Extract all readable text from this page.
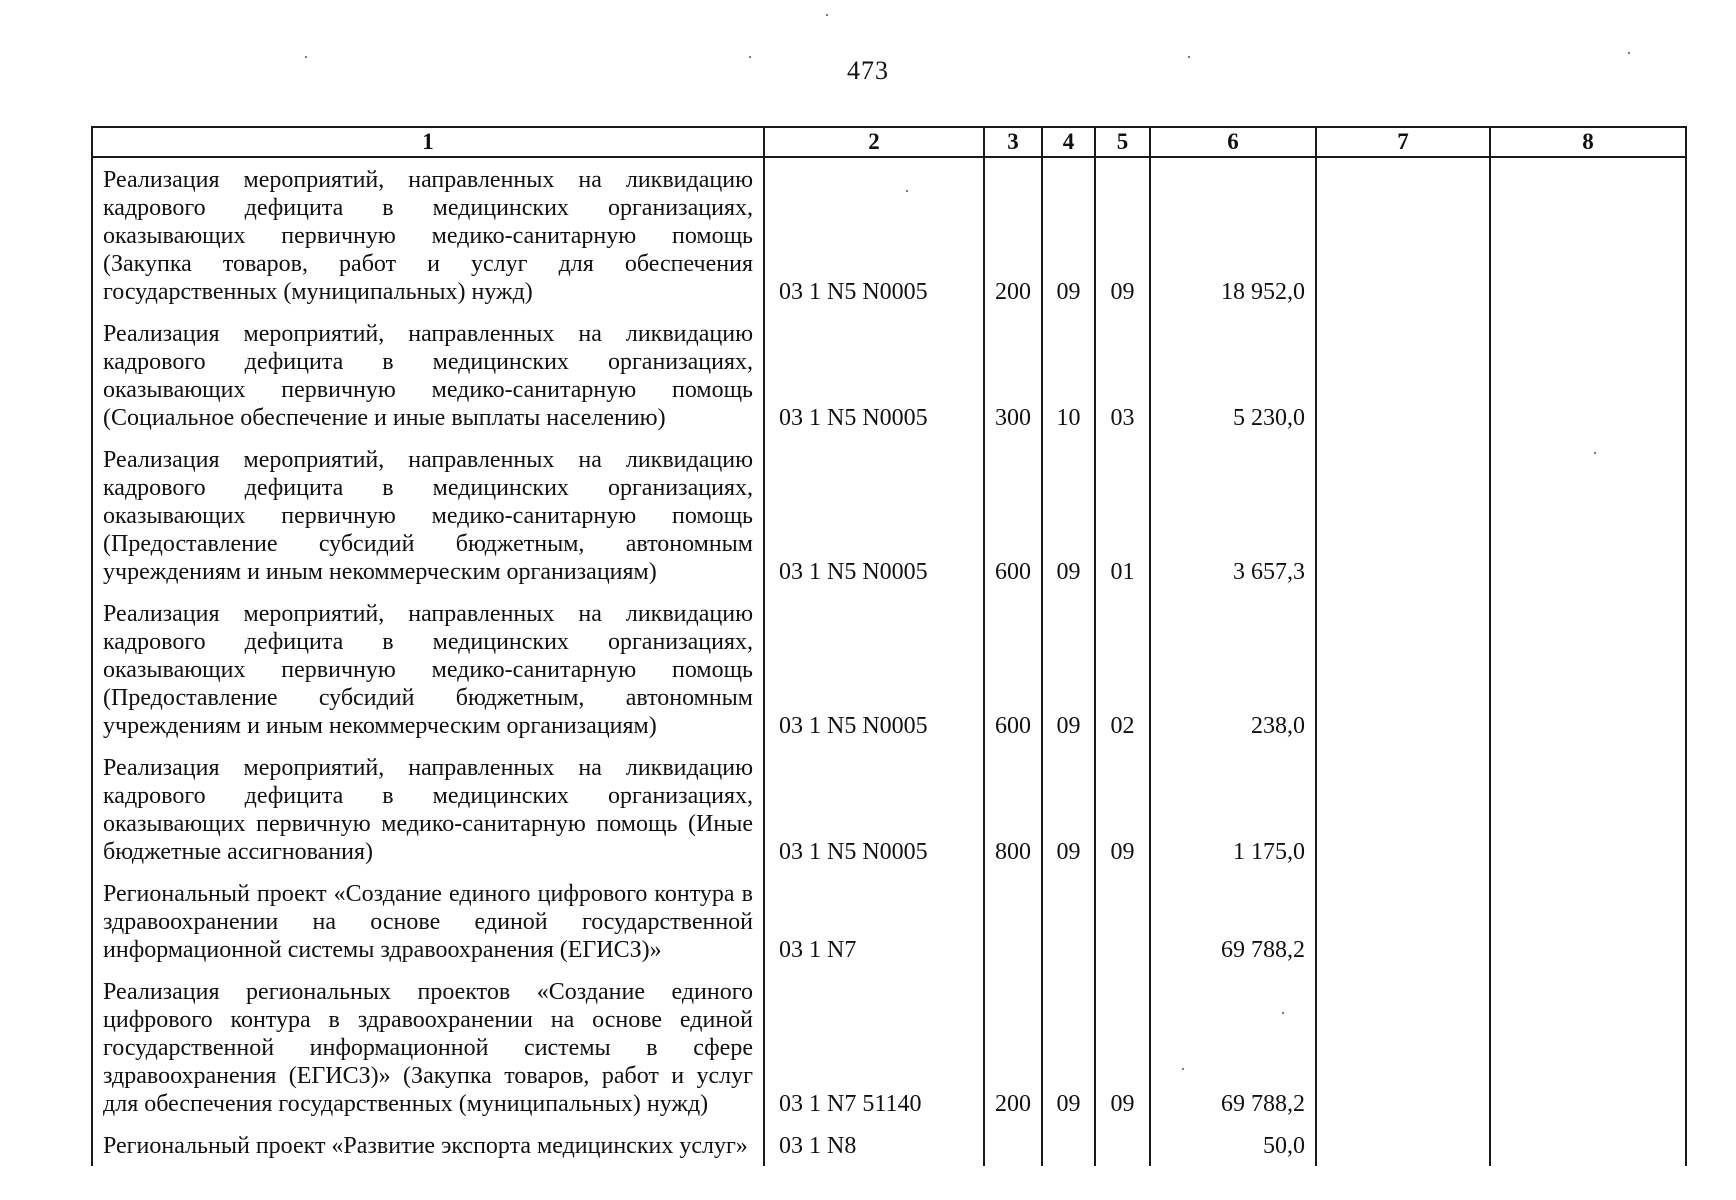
473
1	2	3	4	5	6	7	8
Реализация мероприятий, направленных на ликвидацию кадрового дефицита в медицинских организациях, оказывающих первичную медико-санитарную помощь (Закупка товаров, работ и услуг для обеспечения государственных (муниципальных) нужд)	03 1 N5 N0005	200	09	09	18 952,0		
Реализация мероприятий, направленных на ликвидацию кадрового дефицита в медицинских организациях, оказывающих первичную медико-санитарную помощь (Социальное обеспечение и иные выплаты населению)	03 1 N5 N0005	300	10	03	5 230,0		
Реализация мероприятий, направленных на ликвидацию кадрового дефицита в медицинских организациях, оказывающих первичную медико-санитарную помощь (Предоставление субсидий бюджетным, автономным учреждениям и иным некоммерческим организациям)	03 1 N5 N0005	600	09	01	3 657,3		
Реализация мероприятий, направленных на ликвидацию кадрового дефицита в медицинских организациях, оказывающих первичную медико-санитарную помощь (Предоставление субсидий бюджетным, автономным учреждениям и иным некоммерческим организациям)	03 1 N5 N0005	600	09	02	238,0		
Реализация мероприятий, направленных на ликвидацию кадрового дефицита в медицинских организациях, оказывающих первичную медико-санитарную помощь (Иные бюджетные ассигнования)	03 1 N5 N0005	800	09	09	1 175,0		
Региональный проект «Создание единого цифрового контура в здравоохранении на основе единой государственной информационной системы здравоохранения (ЕГИСЗ)»	03 1 N7				69 788,2		
Реализация региональных проектов «Создание единого цифрового контура в здравоохранении на основе единой государственной информационной системы в сфере здравоохранения (ЕГИСЗ)» (Закупка товаров, работ и услуг для обеспечения государственных (муниципальных) нужд)	03 1 N7 51140	200	09	09	69 788,2		
Региональный проект «Развитие экспорта медицинских услуг»	03 1 N8				50,0		
